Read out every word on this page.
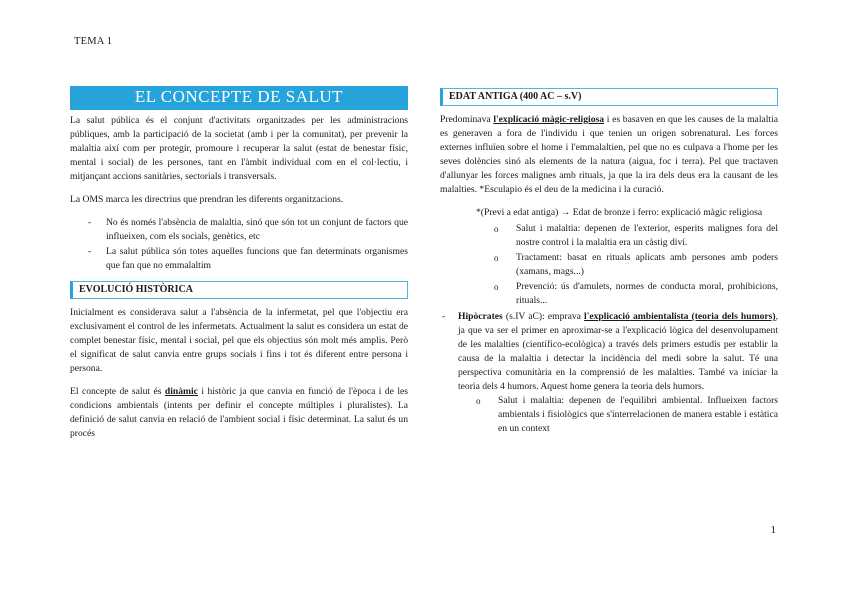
TEMA 1
EL CONCEPTE DE SALUT

La salut pública és el conjunt d'activitats organitzades per les administracions públiques, amb la participació de la societat (amb i per la comunitat), per prevenir la malaltia així com per protegir, promoure i recuperar la salut (estat de benestar físic, mental i social) de les persones, tant en l'àmbit individual com en el col·lectiu, i mitjançant accions sanitàries, sectorials i transversals.

La OMS marca les directrius que prendran les diferents organitzacions.

- No és només l'absència de malaltia, sinó que són tot un conjunt de factors que influeixen, com els socials, genètics, etc
- La salut pública són totes aquelles funcions que fan determinats organismes que fan que no emmalaltim
EVOLUCIÓ HISTÒRICA

Inicialment es considerava salut a l'absència de la infermetat, pel que l'objectiu era exclusivament el control de les infermetats. Actualment la salut es considera un estat de complet benestar físic, mental i social, pel que els objectius són molt més amplis. Però el significat de salut canvia entre grups socials i fins i tot és diferent entre persona i persona.

El concepte de salut és dinàmic i històric ja que canvia en funció de l'època i de les condicions ambientals (intents per definir el concepte múltiples i pluralistes). La definició de salut canvia en relació de l'ambient social i físic determinat. La salut és un procés

EDAT ANTIGA (400 AC – s.V)

Predominava l'explicació màgic-religiosa i es basaven en que les causes de la malaltia es generaven a fora de l'individu i que tenien un origen sobrenatural. Les forces externes influïen sobre el home i l'emmalaltien, pel que no es culpava a l'home per les seves dolències sinó als elements de la natura (aigua, foc i terra). Pel que tractaven d'allunyar les forces malignes amb rituals, ja que la ira dels deus era la causant de les malalties. *Esculapio és el deu de la medicina i la curació.

*(Previ a edat antiga) → Edat de bronze i ferro: explicació màgic religiosa

o Salut i malaltia: depenen de l'exterior, esperits malignes fora del nostre control i la malaltia era un càstig diví.
o Tractament: basat en rituals aplicats amb persones amb poders (xamans, mags...)
o Prevenció: ús d'amulets, normes de conducta moral, prohibicions, rituals...
- Hipòcrates (s.IV aC): emprava l'explicació ambientalista (teoria dels humors), ja que va ser el primer en aproximar-se a l'explicació lògica del desenvolupament de les malalties (científico-ecològica) a través dels primers estudis per establir la causa de la malaltia i detectar la incidència del medi sobre la salut. Té una perspectiva comunitària en la comprensió de les malalties. També va iniciar la teoria dels 4 humors. Aquest home genera la teoria dels humors.
o Salut i malaltia: depenen de l'equilibri ambiental. Influeixen factors ambientals i fisiològics que s'interrelacionen de manera estable i estàtica en un context
1
